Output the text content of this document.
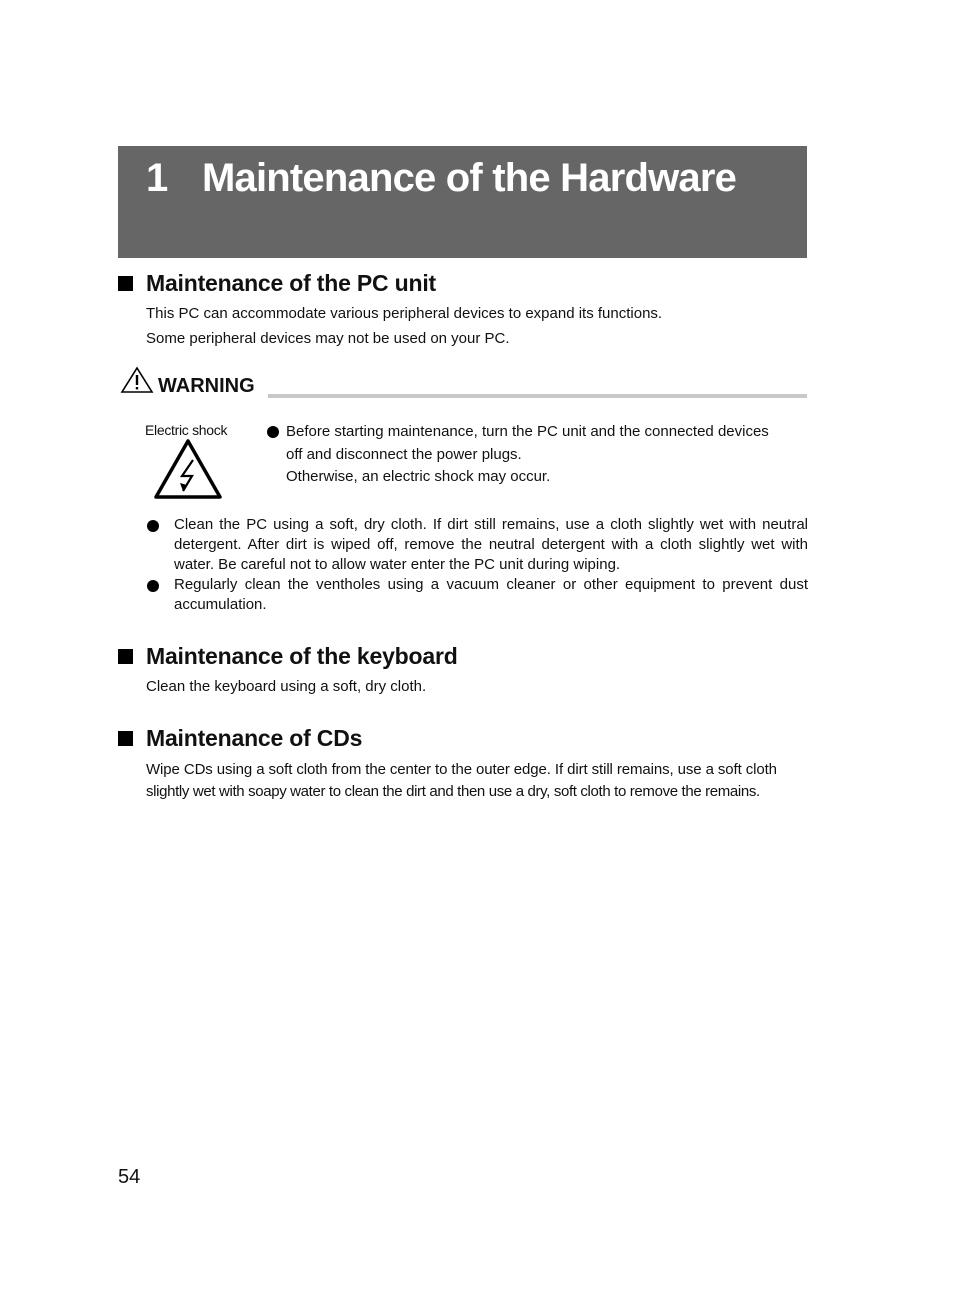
1 Maintenance of the Hardware
Maintenance of the PC unit
This PC can accommodate various peripheral devices to expand its functions.
Some peripheral devices may not be used on your PC.
WARNING
Electric shock	Before starting maintenance, turn the PC unit and the connected devices
off and disconnect the power plugs.
Otherwise, an electric shock may occur.
Clean the PC using a soft, dry cloth. If dirt still remains, use a cloth slightly wet with neutral detergent. After dirt is wiped off, remove the neutral detergent with a cloth slightly wet with water. Be careful not to allow water enter the PC unit during wiping.
Regularly clean the ventholes using a vacuum cleaner or other equipment to prevent dust accumulation.
Maintenance of the keyboard
Clean the keyboard using a soft, dry cloth.
Maintenance of CDs
Wipe CDs using a soft cloth from the center to the outer edge. If dirt still remains, use a soft cloth
slightly wet with soapy water to clean the dirt and then use a dry, soft cloth to remove the remains.
54
